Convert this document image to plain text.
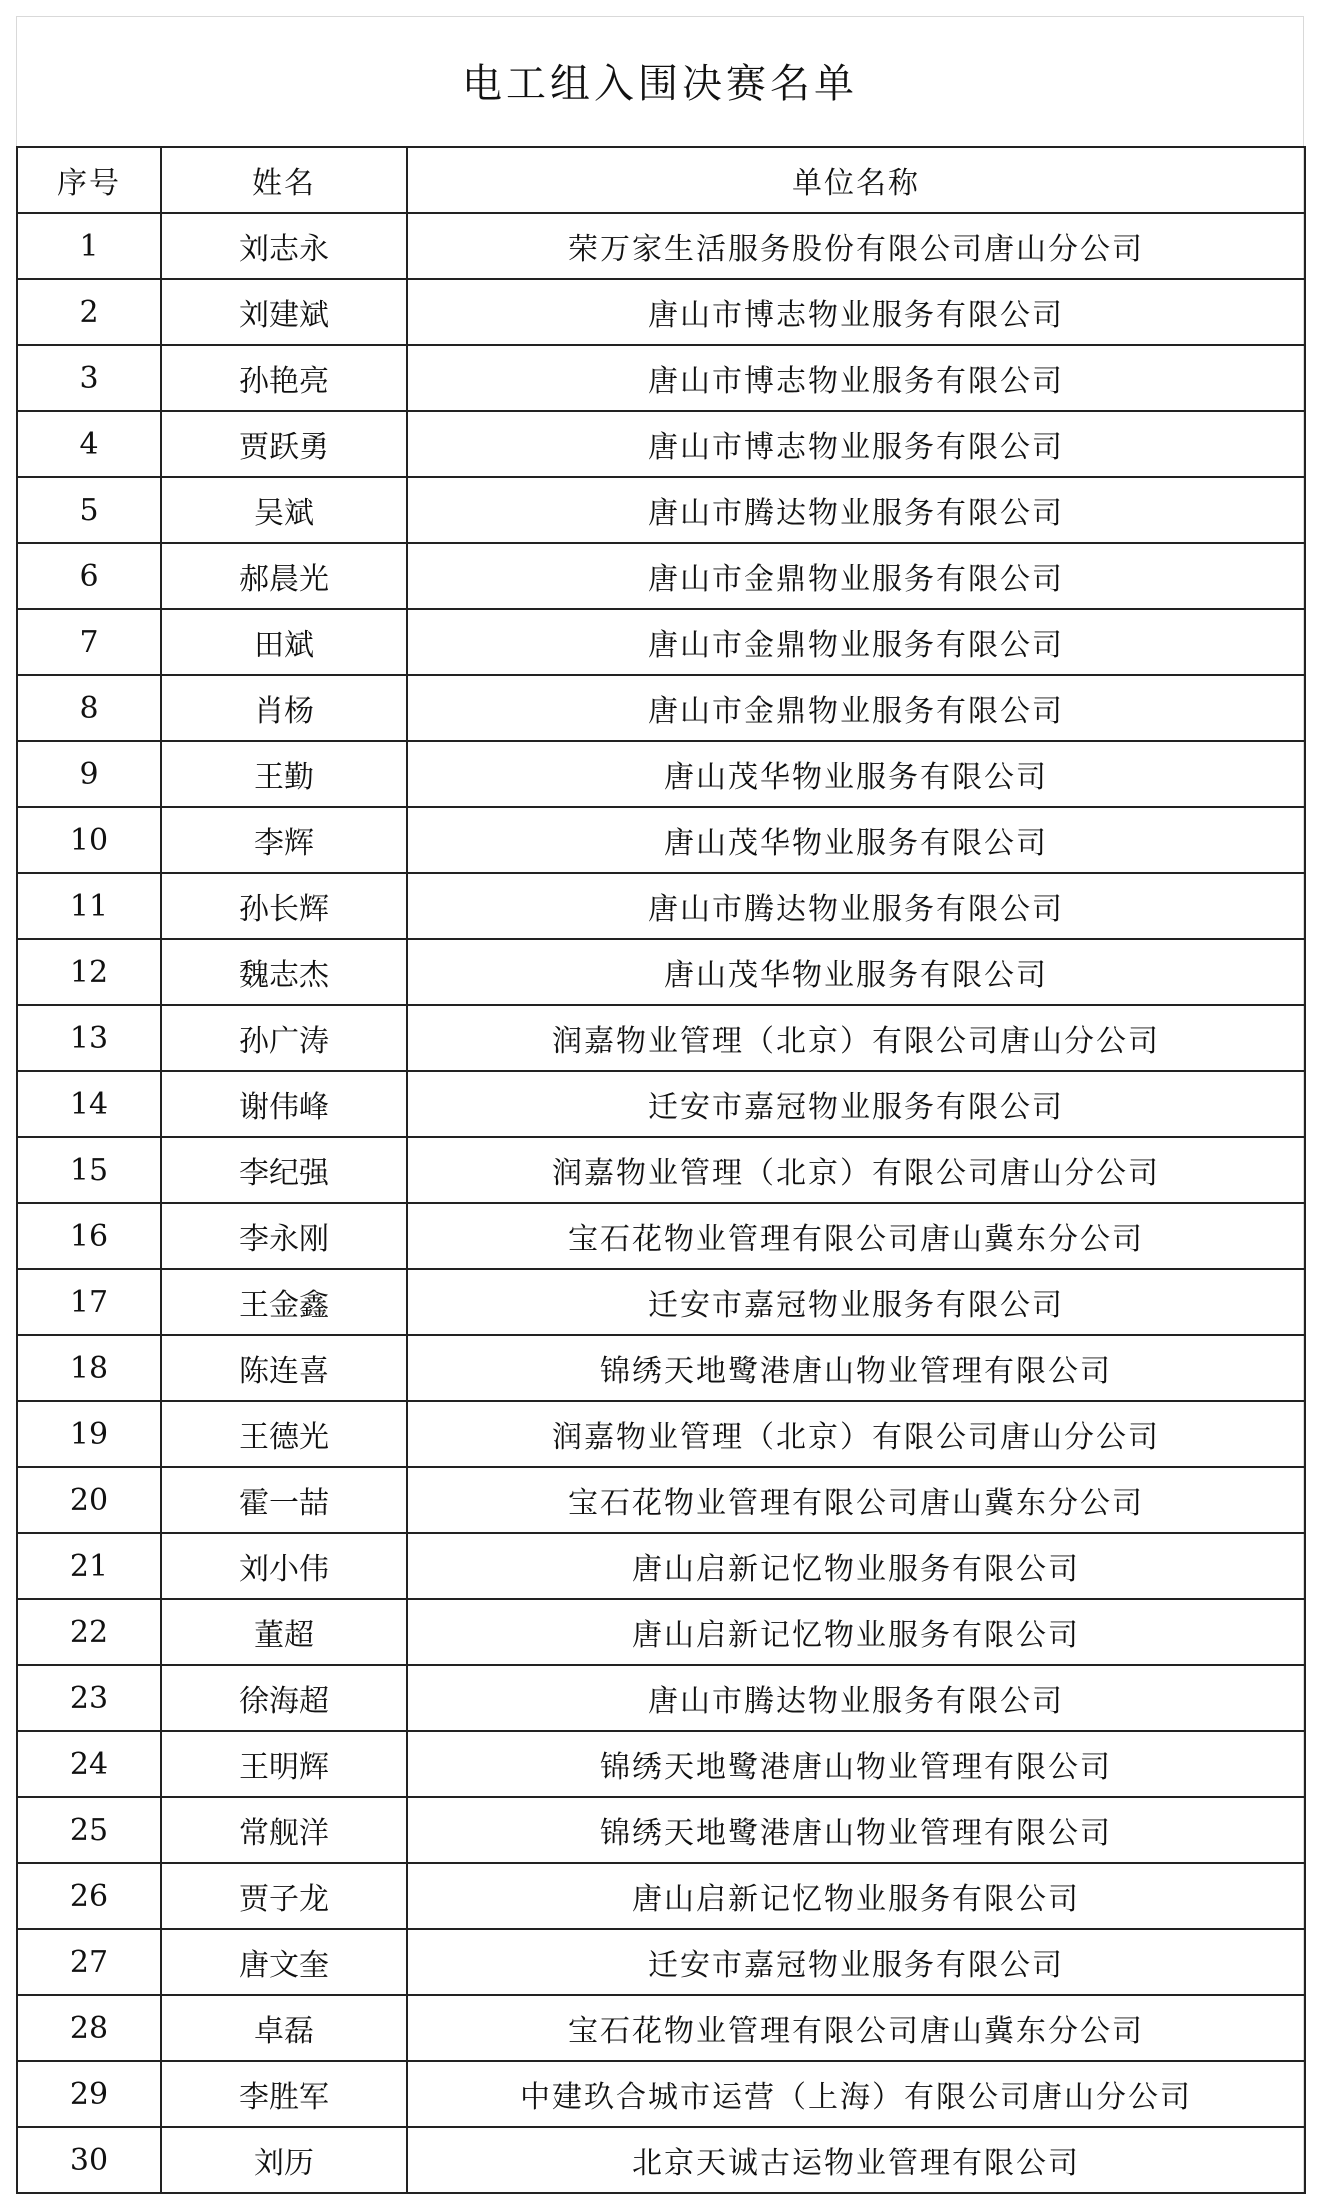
电工组入围决赛名单
序号	姓名	单位名称
1	刘志永	荣万家生活服务股份有限公司唐山分公司
2	刘建斌	唐山市博志物业服务有限公司
3	孙艳亮	唐山市博志物业服务有限公司
4	贾跃勇	唐山市博志物业服务有限公司
5	吴斌	唐山市腾达物业服务有限公司
6	郝晨光	唐山市金鼎物业服务有限公司
7	田斌	唐山市金鼎物业服务有限公司
8	肖杨	唐山市金鼎物业服务有限公司
9	王勤	唐山茂华物业服务有限公司
10	李辉	唐山茂华物业服务有限公司
11	孙长辉	唐山市腾达物业服务有限公司
12	魏志杰	唐山茂华物业服务有限公司
13	孙广涛	润嘉物业管理（北京）有限公司唐山分公司
14	谢伟峰	迁安市嘉冠物业服务有限公司
15	李纪强	润嘉物业管理（北京）有限公司唐山分公司
16	李永刚	宝石花物业管理有限公司唐山冀东分公司
17	王金鑫	迁安市嘉冠物业服务有限公司
18	陈连喜	锦绣天地鹭港唐山物业管理有限公司
19	王德光	润嘉物业管理（北京）有限公司唐山分公司
20	霍一喆	宝石花物业管理有限公司唐山冀东分公司
21	刘小伟	唐山启新记忆物业服务有限公司
22	董超	唐山启新记忆物业服务有限公司
23	徐海超	唐山市腾达物业服务有限公司
24	王明辉	锦绣天地鹭港唐山物业管理有限公司
25	常舰洋	锦绣天地鹭港唐山物业管理有限公司
26	贾子龙	唐山启新记忆物业服务有限公司
27	唐文奎	迁安市嘉冠物业服务有限公司
28	卓磊	宝石花物业管理有限公司唐山冀东分公司
29	李胜军	中建玖合城市运营（上海）有限公司唐山分公司
30	刘历	北京天诚古运物业管理有限公司
